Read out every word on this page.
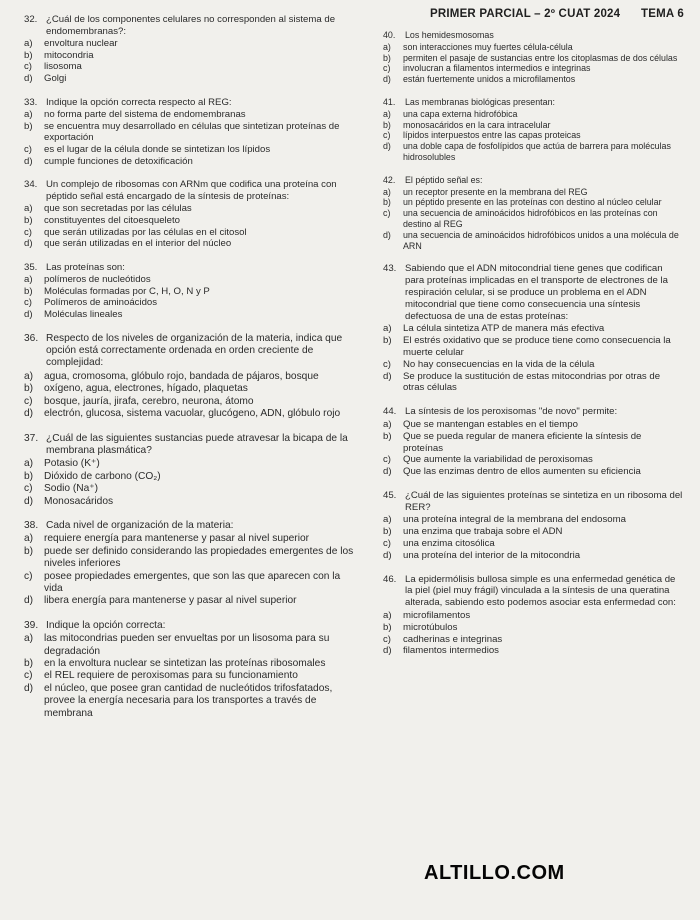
PRIMER PARCIAL – 2º CUAT 2024 TEMA 6
32. ¿Cuál de los componentes celulares no corresponden al sistema de endomembranas?:
a)	envoltura nuclear
b)	mitocondria
c)	lisosoma
d)	Golgi
33. Indique la opción correcta respecto al REG:
a)	no forma parte del sistema de endomembranas
b)	se encuentra muy desarrollado en células que sintetizan proteínas de exportación
c)	es el lugar de la célula donde se sintetizan los lípidos
d)	cumple funciones de detoxificación
34. Un complejo de ribosomas con ARNm que codifica una proteína con péptido señal está encargado de la síntesis de proteínas:
a)	que son secretadas por las células
b)	constituyentes del citoesqueleto
c)	que serán utilizadas por las células en el citosol
d)	que serán utilizadas en el interior del núcleo
35. Las proteínas son:
a)	polímeros de nucleótidos
b)	Moléculas formadas por C, H, O, N y P
c)	Polímeros de aminoácidos
d)	Moléculas lineales
36. Respecto de los niveles de organización de la materia, indica que opción está correctamente ordenada en orden creciente de complejidad:
a)	agua, cromosoma, glóbulo rojo, bandada de pájaros, bosque
b)	oxígeno, agua, electrones, hígado, plaquetas
c)	bosque, jauría, jirafa, cerebro, neurona, átomo
d)	electrón, glucosa, sistema vacuolar, glucógeno, ADN, glóbulo rojo
37. ¿Cuál de las siguientes sustancias puede atravesar la bicapa de la membrana plasmática?
a)	Potasio (K⁺)
b)	Dióxido de carbono (CO₂)
c)	Sodio (Na⁺)
d)	Monosacáridos
38. Cada nivel de organización de la materia:
a)	requiere energía para mantenerse y pasar al nivel superior
b)	puede ser definido considerando las propiedades emergentes de los niveles inferiores
c)	posee propiedades emergentes, que son las que aparecen con la vida
d)	libera energía para mantenerse y pasar al nivel superior
39. Indique la opción correcta:
a)	las mitocondrias pueden ser envueltas por un lisosoma para su degradación
b)	en la envoltura nuclear se sintetizan las proteínas ribosomales
c)	el REL requiere de peroxisomas para su funcionamiento
d)	el núcleo, que posee gran cantidad de nucleótidos trifosfatados, provee la energía necesaria para los transportes a través de membrana
40.	Los hemidesmosomas
a)	son interacciones muy fuertes célula-célula
b)	permiten el pasaje de sustancias entre los citoplasmas de dos células
c)	involucran a filamentos intermedios e integrinas
d)	están fuertemente unidos a microfilamentos
41.	Las membranas biológicas presentan:
a)	una capa externa hidrofóbica
b)	monosacáridos en la cara intracelular
c)	lípidos interpuestos entre las capas proteicas
d)	una doble capa de fosfolípidos que actúa de barrera para moléculas hidrosolubles
42.	El péptido señal es:
a)	un receptor presente en la membrana del REG
b)	un péptido presente en las proteínas con destino al núcleo celular
c)	una secuencia de aminoácidos hidrofóbicos en las proteínas con destino al REG
d)	una secuencia de aminoácidos hidrofóbicos unidos a una molécula de ARN
43. Sabiendo que el ADN mitocondrial tiene genes que codifican para proteínas implicadas en el transporte de electrones de la respiración celular, si se produce un problema en el ADN mitocondrial que tiene como consecuencia una síntesis defectuosa de una de estas proteínas:
a)	La célula sintetiza ATP de manera más efectiva
b)	El estrés oxidativo que se produce tiene como consecuencia la muerte celular
c)	No hay consecuencias en la vida de la célula
d)	Se produce la sustitución de estas mitocondrias por otras de otras células
44. La síntesis de los peroxisomas "de novo" permite:
a)	Que se mantengan estables en el tiempo
b)	Que se pueda regular de manera eficiente la síntesis de proteínas
c)	Que aumente la variabilidad de peroxisomas
d)	Que las enzimas dentro de ellos aumenten su eficiencia
45. ¿Cuál de las siguientes proteínas se sintetiza en un ribosoma del RER?
a)	una proteína integral de la membrana del endosoma
b)	una enzima que trabaja sobre el ADN
c)	una enzima citosólica
d)	una proteína del interior de la mitocondria
46. La epidermólisis bullosa simple es una enfermedad genética de la piel (piel muy frágil) vinculada a la síntesis de una queratina alterada, sabiendo esto podemos asociar esta enfermedad con:
a)	microfilamentos
b)	microtúbulos
c)	cadherinas e integrinas
d)	filamentos intermedios
ALTILLO.COM
